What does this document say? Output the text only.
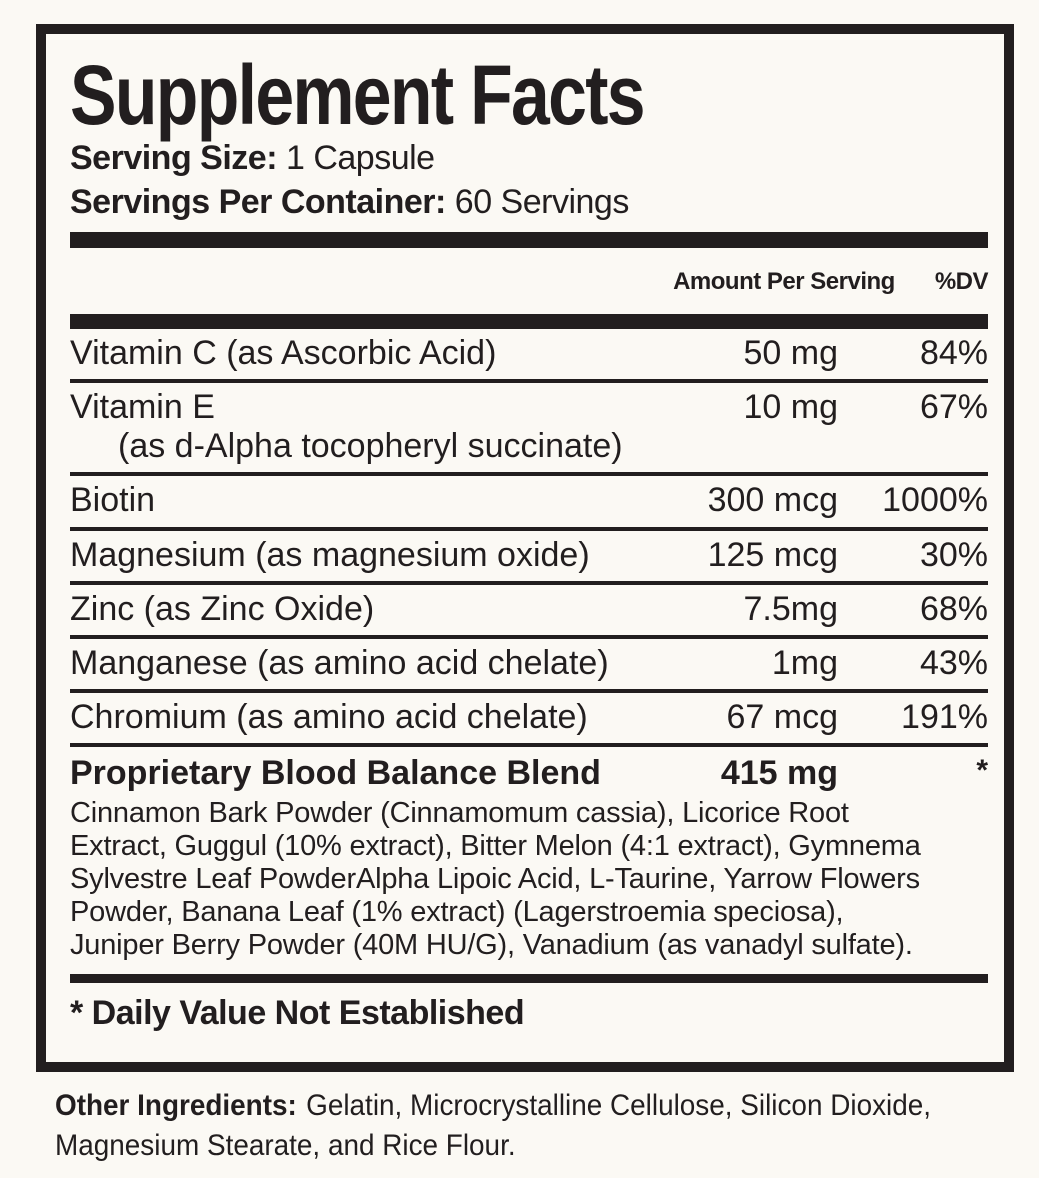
Supplement Facts
Serving Size: 1 Capsule
Servings Per Container: 60 Servings
Amount Per Serving %DV
Vitamin C (as Ascorbic Acid)	50 mg	84%
Vitamin E
(as d-Alpha tocopheryl succinate)
10 mg	67%
Biotin	300 mcg	1000%
Magnesium (as magnesium oxide)	125 mcg	30%
Zinc (as Zinc Oxide)	7.5mg	68%
Manganese (as amino acid chelate)	1mg	43%
Chromium (as amino acid chelate)	67 mcg	191%
Proprietary Blood Balance Blend	415 mg	*
Cinnamon Bark Powder (Cinnamomum cassia), Licorice Root Extract, Guggul (10% extract), Bitter Melon (4:1 extract), Gymnema Sylvestre Leaf PowderAlpha Lipoic Acid, L-Taurine, Yarrow Flowers Powder, Banana Leaf (1% extract) (Lagerstroemia speciosa), Juniper Berry Powder (40M HU/G), Vanadium (as vanadyl sulfate).
* Daily Value Not Established
Other Ingredients: Gelatin, Microcrystalline Cellulose, Silicon Dioxide, Magnesium Stearate, and Rice Flour.
